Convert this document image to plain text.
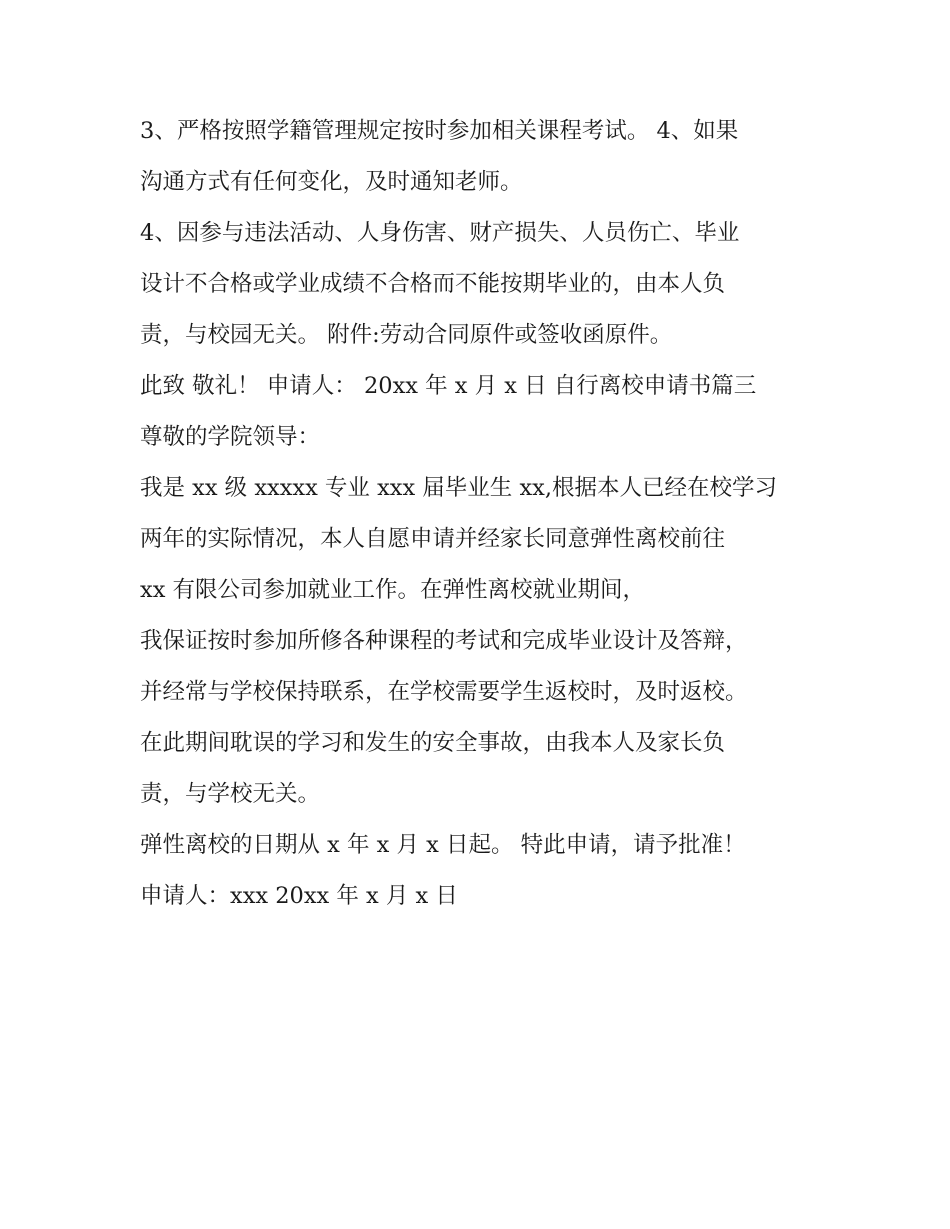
3、严格按照学籍管理规定按时参加相关课程考试。 4、如果
沟通方式有任何变化，及时通知老师。
4、因参与违法活动、人身伤害、财产损失、人员伤亡、毕业
设计不合格或学业成绩不合格而不能按期毕业的，由本人负
责，与校园无关。 附件:劳动合同原件或签收函原件。
此致 敬礼！ 申请人： 20xx 年 x 月 x 日 自行离校申请书篇三
尊敬的学院领导：
我是 xx 级 xxxxx 专业 xxx 届毕业生 xx,根据本人已经在校学习
两年的实际情况，本人自愿申请并经家长同意弹性离校前往
xx 有限公司参加就业工作。在弹性离校就业期间，
我保证按时参加所修各种课程的考试和完成毕业设计及答辩，
并经常与学校保持联系，在学校需要学生返校时，及时返校。
在此期间耽误的学习和发生的安全事故，由我本人及家长负
责，与学校无关。
弹性离校的日期从 x 年 x 月 x 日起。 特此申请，请予批准！
申请人：xxx 20xx 年 x 月 x 日
